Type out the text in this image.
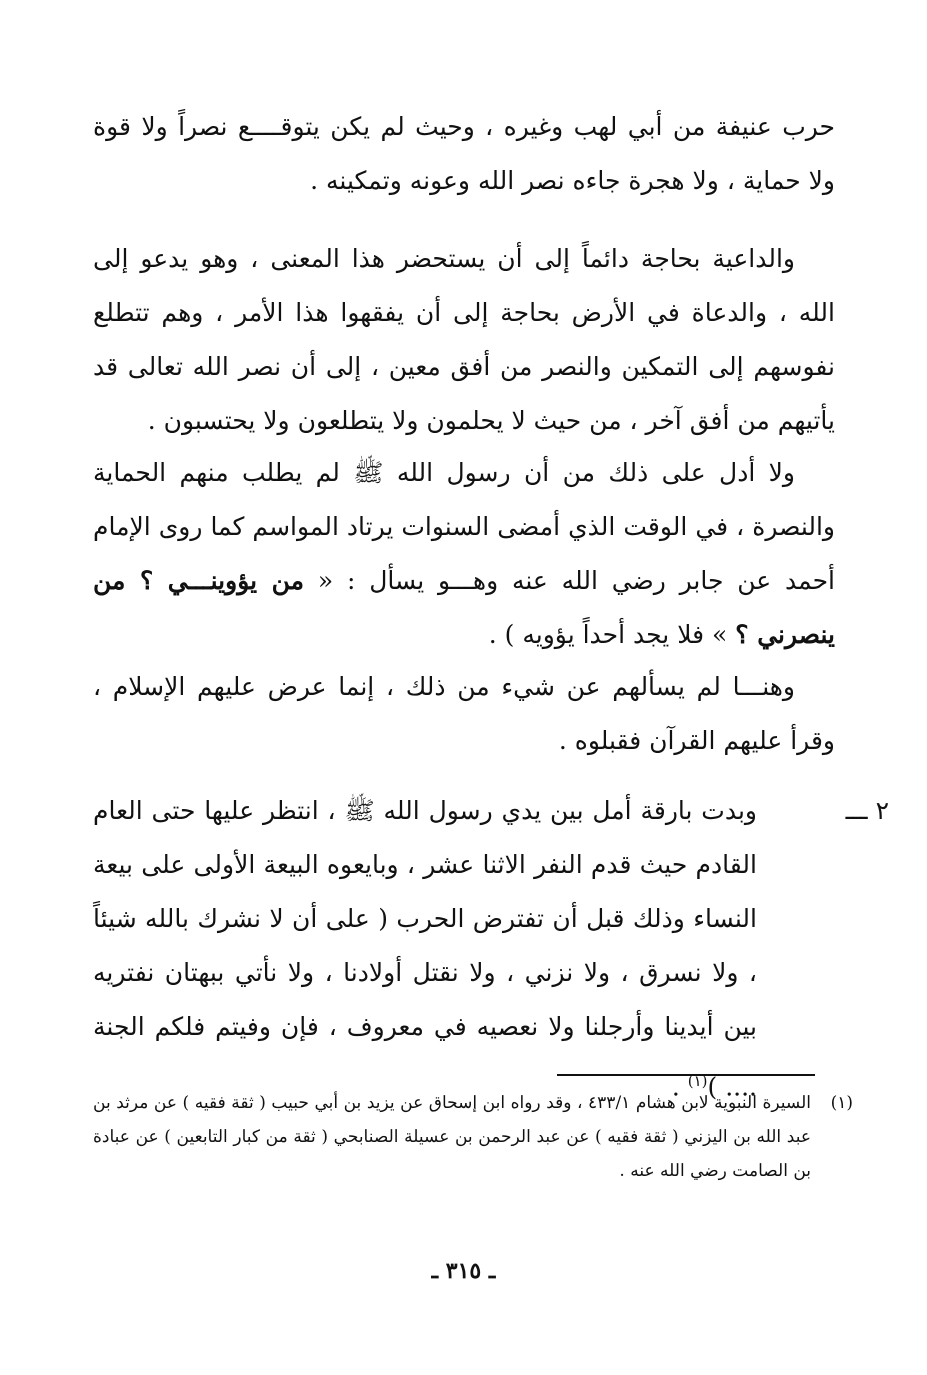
حرب عنيفة من أبي لهب وغيره ، وحيث لم يكن يتوقــــع نصراً ولا قوة ولا حماية ، ولا هجرة جاءه نصر الله وعونه وتمكينه .

والداعية بحاجة دائماً إلى أن يستحضر هذا المعنى ، وهو يدعو إلى الله ، والدعاة في الأرض بحاجة إلى أن يفقهوا هذا الأمر ، وهم تتطلع نفوسهم إلى التمكين والنصر من أفق معين ، إلى أن نصر الله تعالى قد يأتيهم من أفق آخر ، من حيث لا يحلمون ولا يتطلعون ولا يحتسبون .

ولا أدل على ذلك من أن رسول الله ﷺ لم يطلب منهم الحماية والنصرة ، في الوقت الذي أمضى السنوات يرتاد المواسم كما روى الإمام أحمد عن جابر رضي الله عنه وهـــو يسأل : « من يؤوينـــي ؟ من ينصرني ؟ » فلا يجد أحداً يؤويه ) .

وهنـــا لم يسألهم عن شيء من ذلك ، إنما عرض عليهم الإسلام ، وقرأ عليهم القرآن فقبلوه .

٢ ـــ

وبدت بارقة أمل بين يدي رسول الله ﷺ ، انتظر عليها حتى العام القادم حيث قدم النفر الاثنا عشر ، وبايعوه البيعة الأولى على بيعة النساء وذلك قبل أن تفترض الحرب ( على أن لا نشرك بالله شيئاً ، ولا نسرق ، ولا نزني ، ولا نقتل أولادنا ، ولا نأتي ببهتان نفتريه بين أيدينا وأرجلنا ولا نعصيه في معروف ، فإن وفيتم فلكم الجنة .... )$^{(١)}$ .

(١)

السيرة النبوية لابن هشام ٤٣٣/١ ، وقد رواه ابن إسحاق عن يزيد بن أبي حبيب ( ثقة فقيه ) عن مرثد بن عبد الله بن اليزني ( ثقة فقيه ) عن عبد الرحمن بن عسيلة الصنابحي ( ثقة من كبار التابعين ) عن عبادة بن الصامت رضي الله عنه .

ـ ٣١٥ ـ
